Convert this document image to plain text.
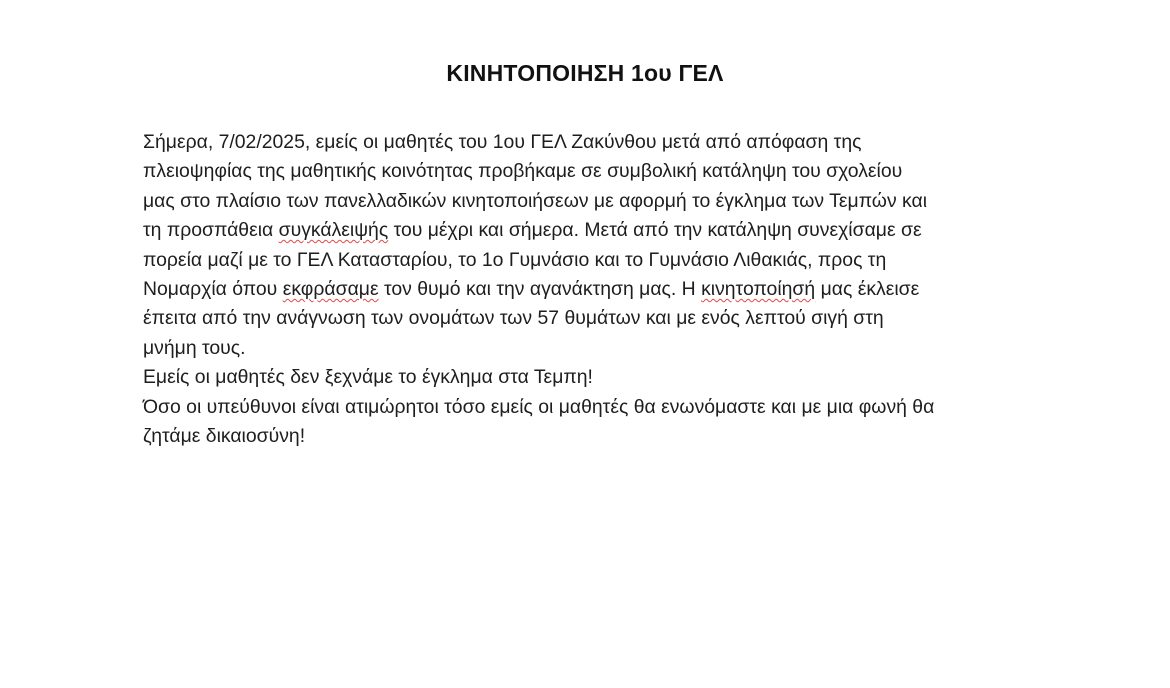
ΚΙΝΗΤΟΠΟΙΗΣΗ 1ου ΓΕΛ
Σήμερα, 7/02/2025, εμείς οι μαθητές του 1ου ΓΕΛ Ζακύνθου μετά από απόφαση της
πλειοψηφίας της μαθητικής κοινότητας προβήκαμε σε συμβολική κατάληψη του σχολείου
μας στο πλαίσιο των πανελλαδικών κινητοποιήσεων με αφορμή το έγκλημα των Τεμπών και
τη προσπάθεια συγκάλειψής του μέχρι και σήμερα. Μετά από την κατάληψη συνεχίσαμε σε
πορεία μαζί με το ΓΕΛ Κατασταρίου, το 1ο Γυμνάσιο και το Γυμνάσιο Λιθακιάς, προς τη
Νομαρχία όπου εκφράσαμε τον θυμό και την αγανάκτηση μας. Η κινητοποίησή μας έκλεισε
έπειτα από την ανάγνωση των ονομάτων των 57 θυμάτων και με ενός λεπτού σιγή στη
μνήμη τους.
Εμείς οι μαθητές δεν ξεχνάμε το έγκλημα στα Τεμπη!
Όσο οι υπεύθυνοι είναι ατιμώρητοι τόσο εμείς οι μαθητές θα ενωνόμαστε και με μια φωνή θα
ζητάμε δικαιοσύνη!
